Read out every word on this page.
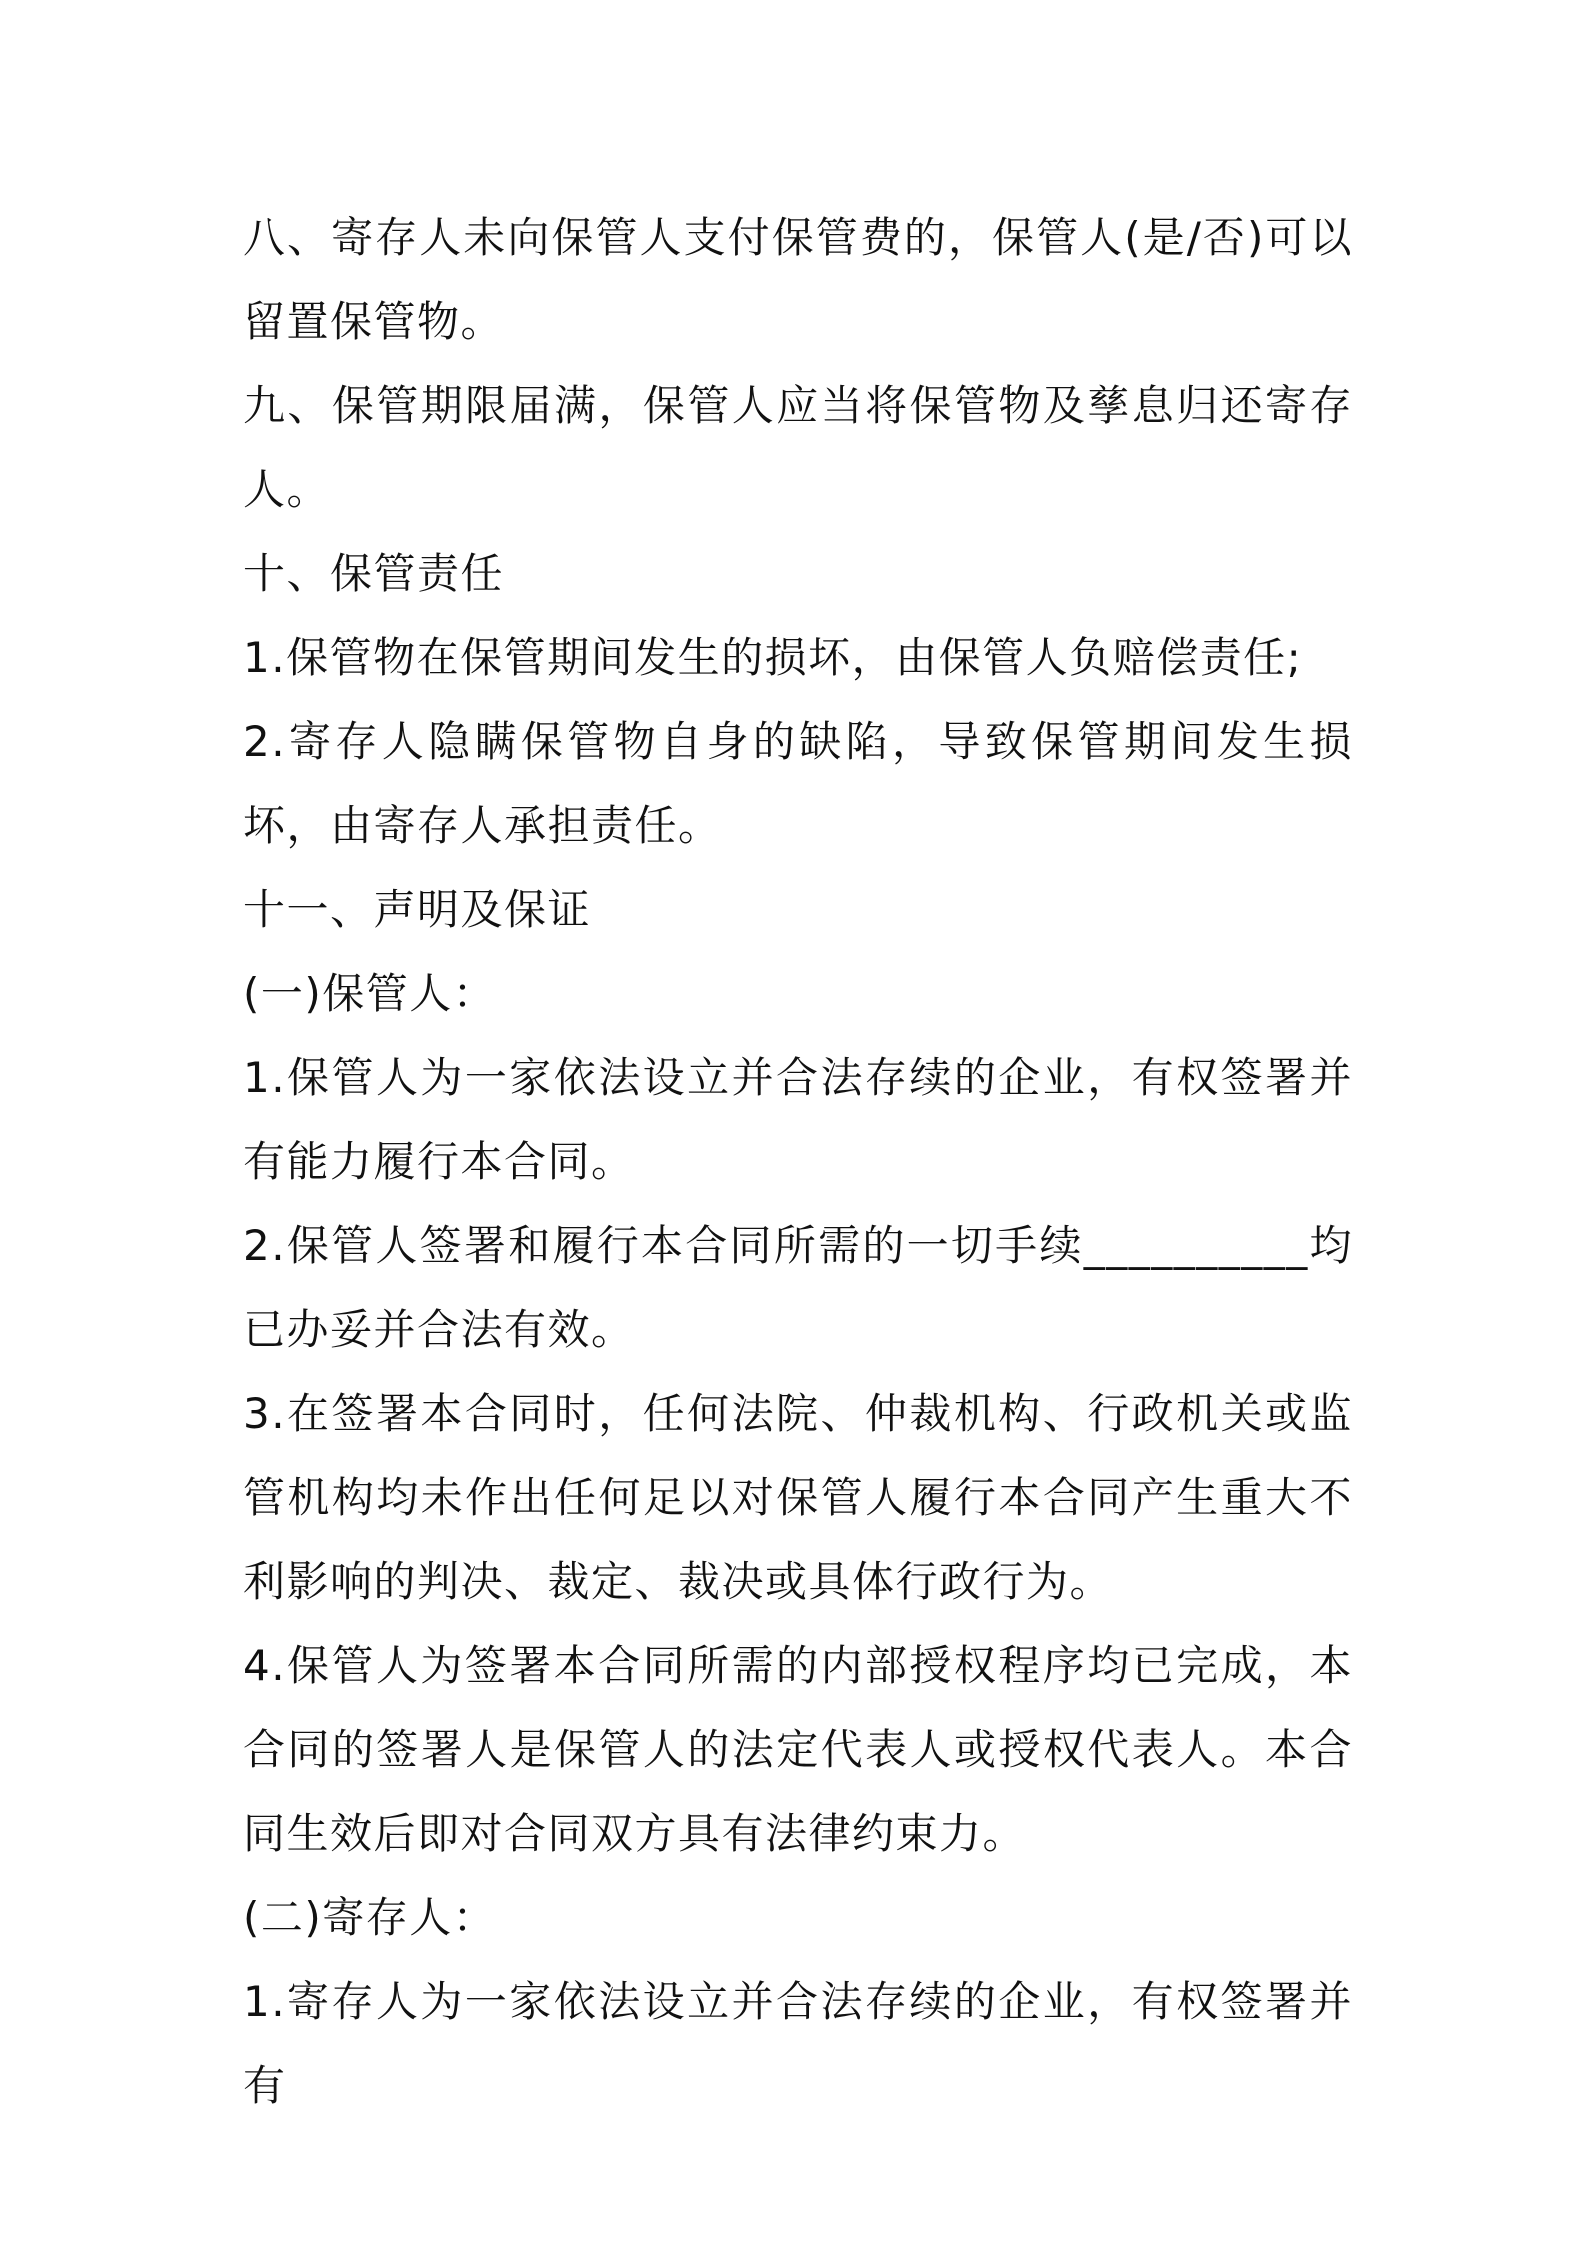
八、寄存人未向保管人支付保管费的，保管人(是/否)可以留置保管物。

九、保管期限届满，保管人应当将保管物及孳息归还寄存人。

十、保管责任

1.保管物在保管期间发生的损坏，由保管人负赔偿责任;

2.寄存人隐瞒保管物自身的缺陷，导致保管期间发生损坏，由寄存人承担责任。

十一、声明及保证

(一)保管人：

1.保管人为一家依法设立并合法存续的企业，有权签署并有能力履行本合同。

2.保管人签署和履行本合同所需的一切手续__________均已办妥并合法有效。

3.在签署本合同时，任何法院、仲裁机构、行政机关或监管机构均未作出任何足以对保管人履行本合同产生重大不利影响的判决、裁定、裁决或具体行政行为。

4.保管人为签署本合同所需的内部授权程序均已完成，本合同的签署人是保管人的法定代表人或授权代表人。本合同生效后即对合同双方具有法律约束力。

(二)寄存人：

1.寄存人为一家依法设立并合法存续的企业，有权签署并有
